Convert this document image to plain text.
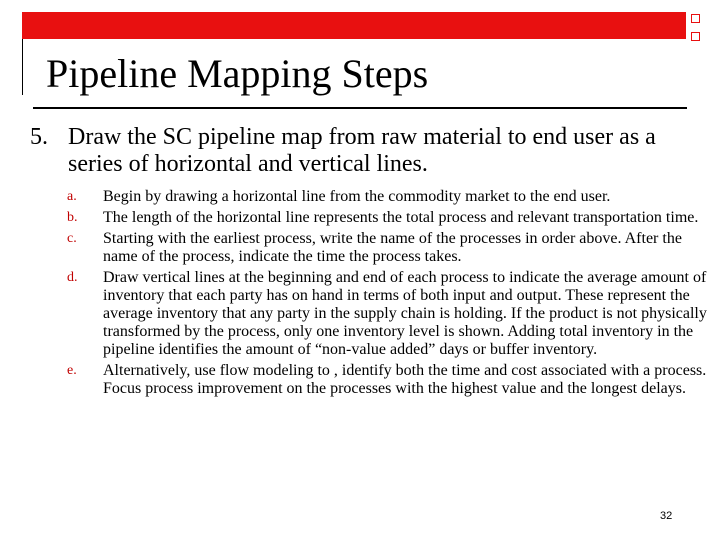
Pipeline Mapping Steps
5. Draw the SC pipeline map from raw material to end user as a series of horizontal and vertical lines.
a. Begin by drawing a horizontal line from the commodity market to the end user.
b. The length of the horizontal line represents the total process and relevant transportation time.
c. Starting with the earliest process, write the name of the processes in order above. After the name of the process, indicate the time the process takes.
d. Draw vertical lines at the beginning and end of each process to indicate the average amount of inventory that each party has on hand in terms of both input and output. These represent the average inventory that any party in the supply chain is holding. If the product is not physically transformed by the process, only one inventory level is shown. Adding total inventory in the pipeline identifies the amount of “non-value added” days or buffer inventory.
e. Alternatively, use flow modeling to , identify both the time and cost associated with a process. Focus process improvement on the processes with the highest value and the longest delays.
32
